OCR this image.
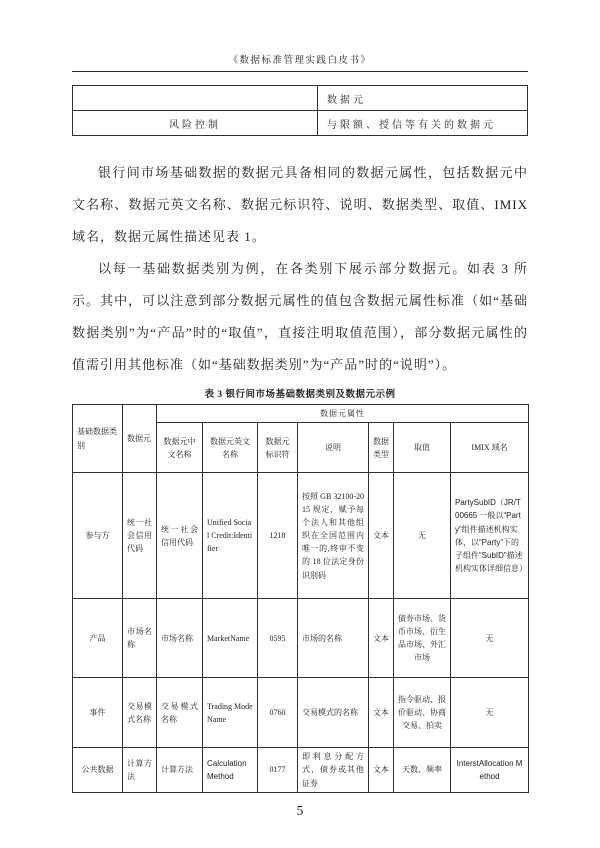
《数据标准管理实践白皮书》
	数据元
风险控制	与限额、授信等有关的数据元

银行间市场基础数据的数据元具备相同的数据元属性，包括数据元中文名称、数据元英文名称、数据元标识符、说明、数据类型、取值、IMIX 域名，数据元属性描述见表 1。

以每一基础数据类别为例，在各类别下展示部分数据元。如表 3 所示。其中，可以注意到部分数据元属性的值包含数据元属性标准（如“基础数据类别”为“产品”时的“取值”，直接注明取值范围），部分数据元属性的值需引用其他标准（如“基础数据类别”为“产品”时的“说明”）。

表 3 银行间市场基础数据类别及数据元示例
基础数据类别	数据元	数据元属性						
		数据元中文名称	数据元英文名称	数据元标识符	说明	数据类型	取值	IMIX 域名
参与方	统一社会信用代码	统一社会信用代码	Unified Social Credit:Identifier	1218	按照 GB 32100-2015 规定，赋予每个法人和其他组织在全国范围内唯一的,终审不变的 18 位法定身份识别码	文本	无	PartySubID（JR/T 00665 一般以“Party”组件描述机构实体，以“Party”下的子组件“SubID”描述机构实体详细信息）
产品	市场名称	市场名称	MarketName	0595	市场的名称	文本	债券市场、货币市场、衍生品市场、外汇市场	无
事件	交易模式名称	交易模式名称	Trading Mode Name	0760	交易模式的名称	文本	指令驱动、报价驱动、协商交易、拍卖	无
公共数据	计算方法	计算方法	Calculation Method	0177	即利息分配方式，债券或其他证券	文本	天数、频率	InterstAllocation Method
5
